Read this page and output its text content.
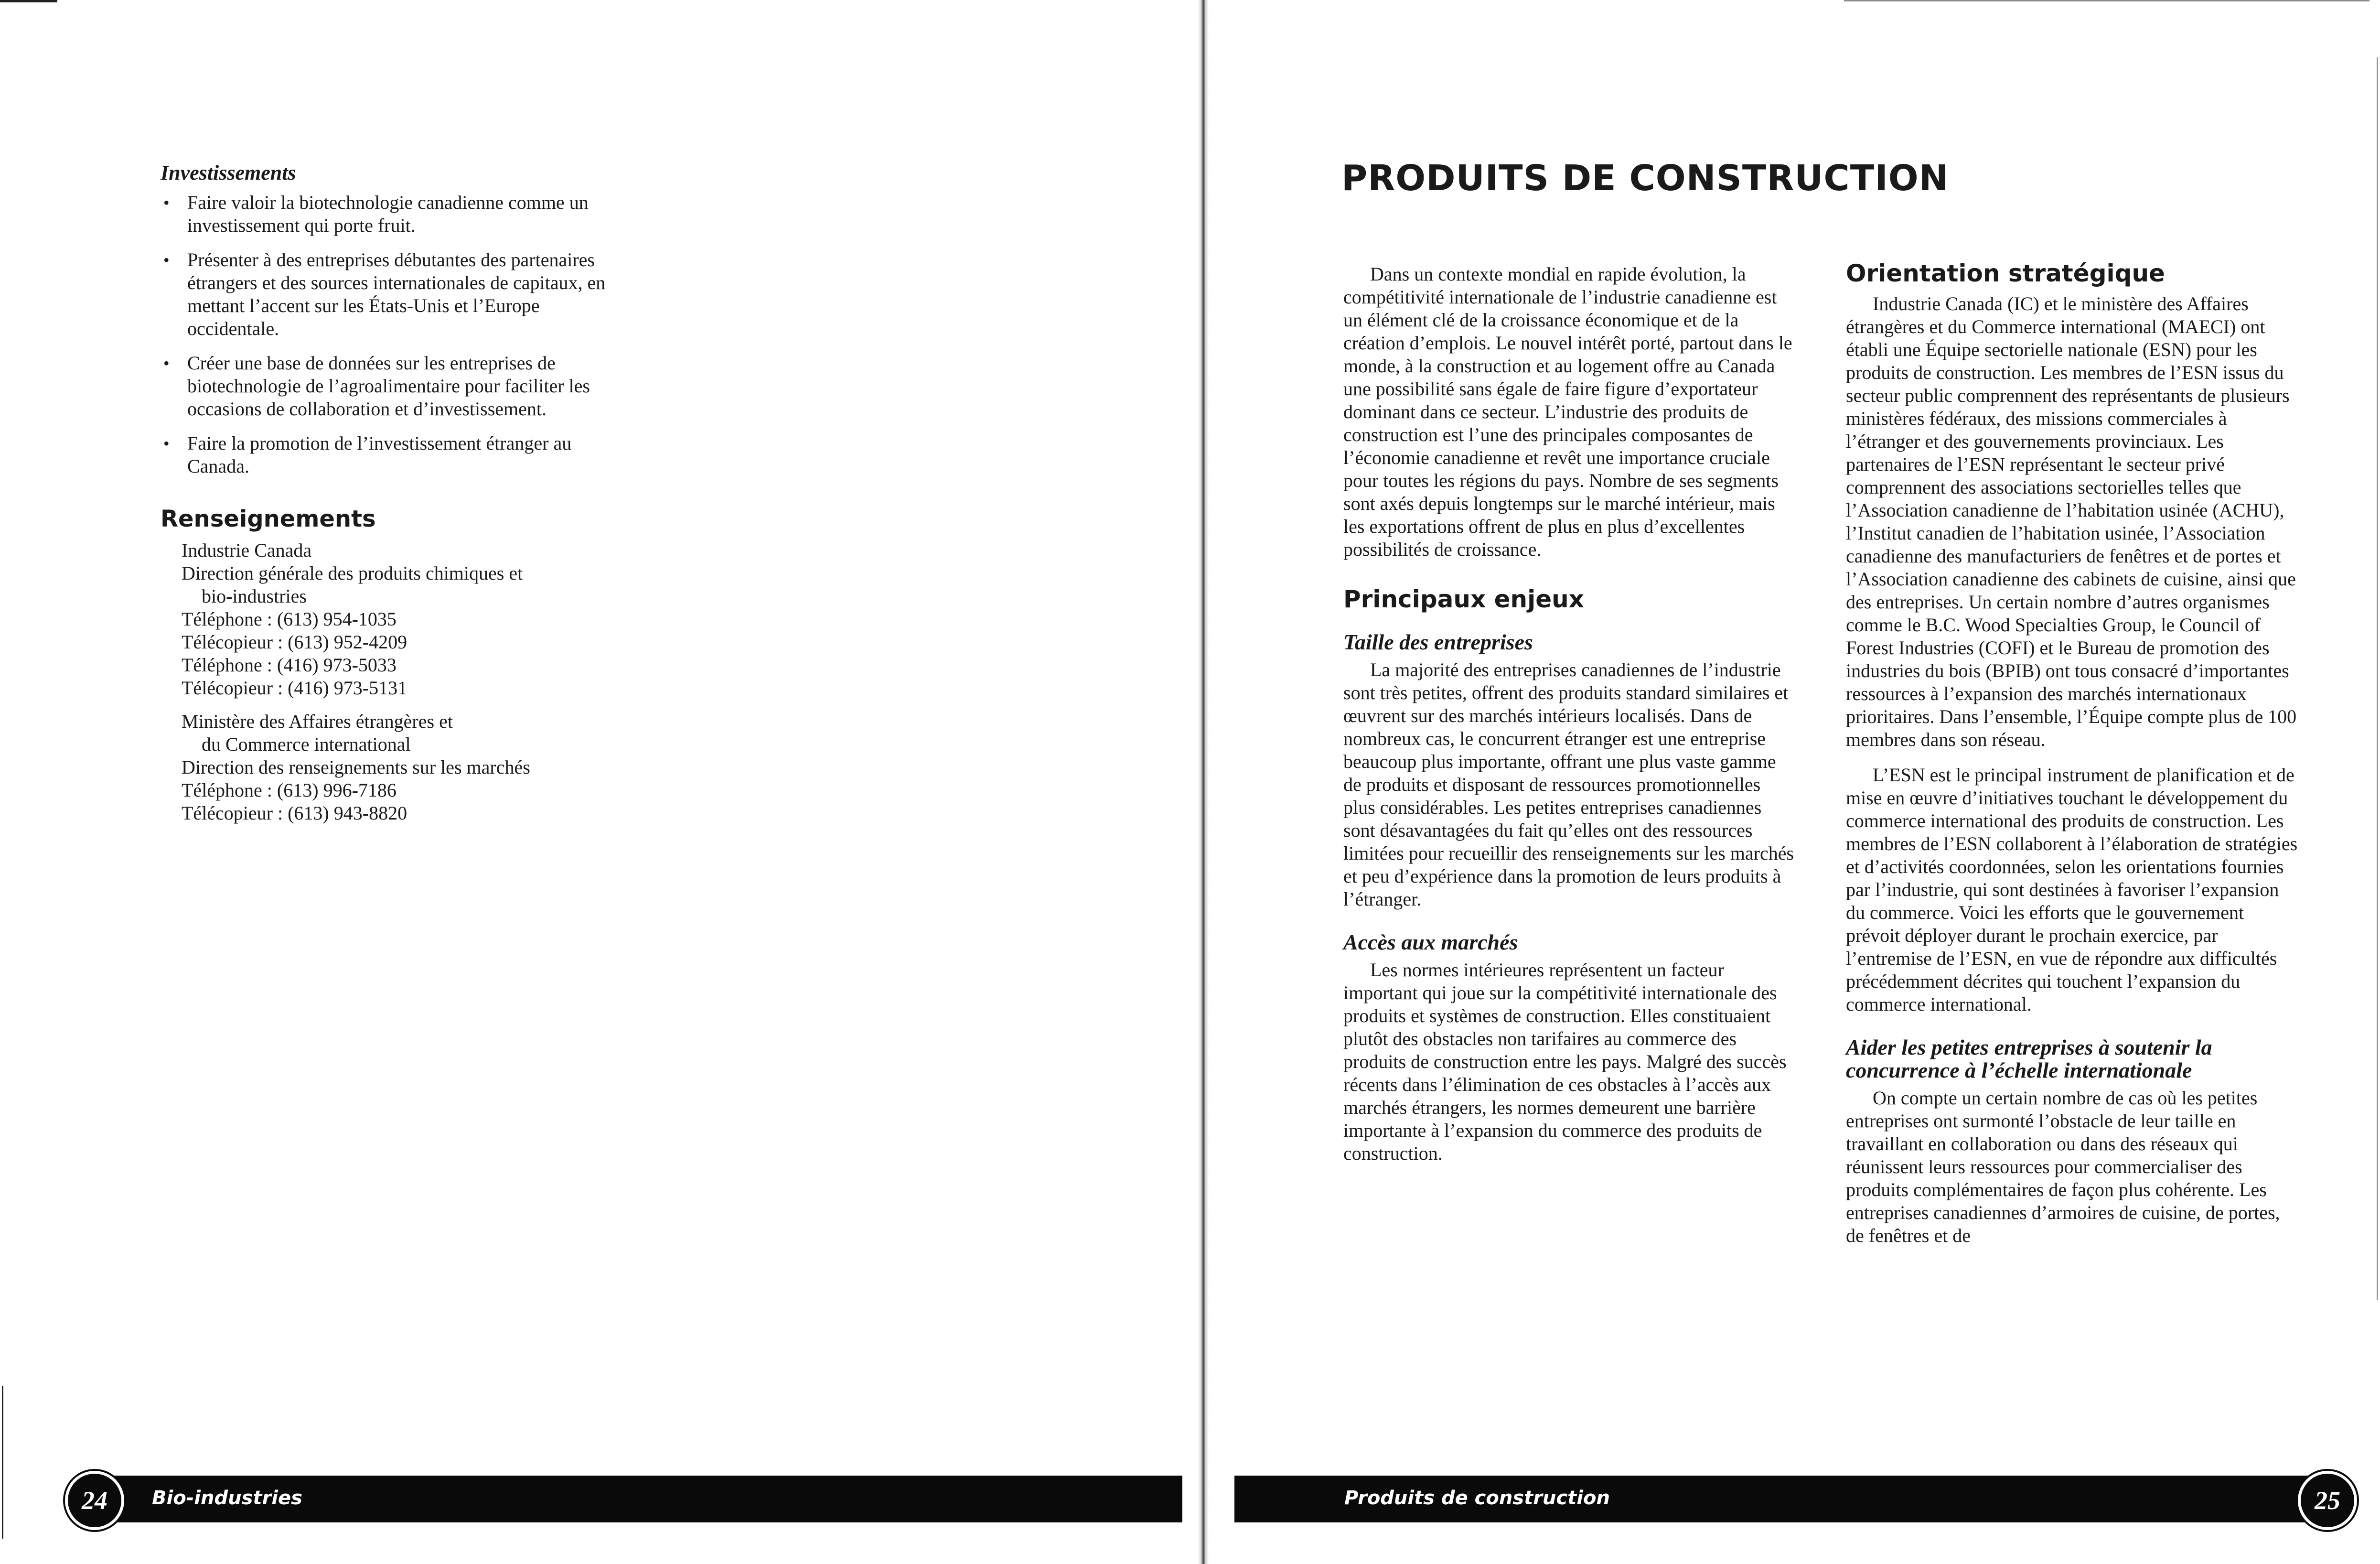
Investissements
• Faire valoir la biotechnologie canadienne comme un investissement qui porte fruit.
• Présenter à des entreprises débutantes des partenaires étrangers et des sources internationales de capitaux, en mettant l’accent sur les États-Unis et l’Europe occidentale.
• Créer une base de données sur les entreprises de biotechnologie de l’agroalimentaire pour faciliter les occasions de collaboration et d’investissement.
• Faire la promotion de l’investissement étranger au Canada.
Renseignements
Industrie Canada
Direction générale des produits chimiques et
bio-industries
Téléphone : (613) 954-1035
Télécopieur : (613) 952-4209
Téléphone : (416) 973-5033
Télécopieur : (416) 973-5131
Ministère des Affaires étrangères et
du Commerce international
Direction des renseignements sur les marchés
Téléphone : (613) 996-7186
Télécopieur : (613) 943-8820
Bio-industries
24
PRODUITS DE CONSTRUCTION

Dans un contexte mondial en rapide évolution, la compétitivité internationale de l’industrie canadienne est un élément clé de la croissance économique et de la création d’emplois. Le nouvel intérêt porté, partout dans le monde, à la construction et au logement offre au Canada une possibilité sans égale de faire figure d’exportateur dominant dans ce secteur. L’industrie des produits de construction est l’une des principales composantes de l’économie canadienne et revêt une importance cruciale pour toutes les régions du pays. Nombre de ses segments sont axés depuis longtemps sur le marché intérieur, mais les exportations offrent de plus en plus d’excellentes possibilités de croissance.

Principaux enjeux
Taille des entreprises

La majorité des entreprises canadiennes de l’industrie sont très petites, offrent des produits standard similaires et œuvrent sur des marchés intérieurs localisés. Dans de nombreux cas, le concurrent étranger est une entreprise beaucoup plus importante, offrant une plus vaste gamme de produits et disposant de ressources promotionnelles plus considérables. Les petites entreprises canadiennes sont désavantagées du fait qu’elles ont des ressources limitées pour recueillir des renseignements sur les marchés et peu d’expérience dans la promotion de leurs produits à l’étranger.

Accès aux marchés

Les normes intérieures représentent un facteur important qui joue sur la compétitivité internationale des produits et systèmes de construction. Elles constituaient plutôt des obstacles non tarifaires au commerce des produits de construction entre les pays. Malgré des succès récents dans l’élimination de ces obstacles à l’accès aux marchés étrangers, les normes demeurent une barrière importante à l’expansion du commerce des produits de construction.

Orientation stratégique

Industrie Canada (IC) et le ministère des Affaires étrangères et du Commerce international (MAECI) ont établi une Équipe sectorielle nationale (ESN) pour les produits de construction. Les membres de l’ESN issus du secteur public comprennent des représentants de plusieurs ministères fédéraux, des missions commerciales à l’étranger et des gouvernements provinciaux. Les partenaires de l’ESN représentant le secteur privé comprennent des associations sectorielles telles que l’Association canadienne de l’habitation usinée (ACHU), l’Institut canadien de l’habitation usinée, l’Association canadienne des manufacturiers de fenêtres et de portes et l’Association canadienne des cabinets de cuisine, ainsi que des entreprises. Un certain nombre d’autres organismes comme le B.C. Wood Specialties Group, le Council of Forest Industries (COFI) et le Bureau de promotion des industries du bois (BPIB) ont tous consacré d’importantes ressources à l’expansion des marchés internationaux prioritaires. Dans l’ensemble, l’Équipe compte plus de 100 membres dans son réseau.

L’ESN est le principal instrument de planification et de mise en œuvre d’initiatives touchant le développement du commerce international des produits de construction. Les membres de l’ESN collaborent à l’élaboration de stratégies et d’activités coordonnées, selon les orientations fournies par l’industrie, qui sont destinées à favoriser l’expansion du commerce. Voici les efforts que le gouvernement prévoit déployer durant le prochain exercice, par l’entremise de l’ESN, en vue de répondre aux difficultés précédemment décrites qui touchent l’expansion du commerce international.

Aider les petites entreprises à soutenir la concurrence à l’échelle internationale

On compte un certain nombre de cas où les petites entreprises ont surmonté l’obstacle de leur taille en travaillant en collaboration ou dans des réseaux qui réunissent leurs ressources pour commercialiser des produits complémentaires de façon plus cohérente. Les entreprises canadiennes d’armoires de cuisine, de portes, de fenêtres et de

Produits de construction	25
